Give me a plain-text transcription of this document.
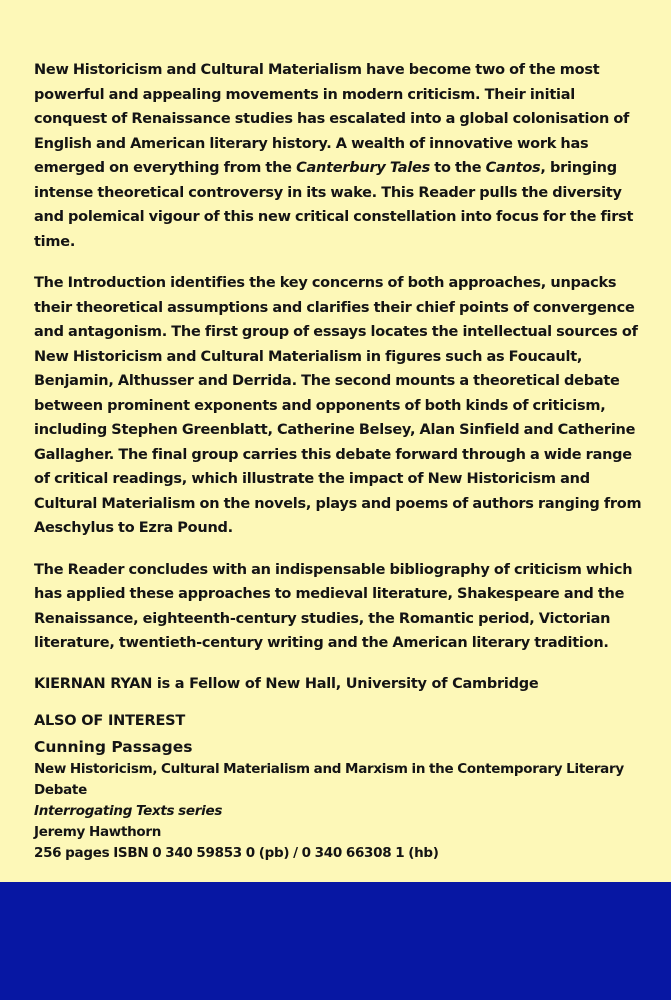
New Historicism and Cultural Materialism have become two of the most powerful and appealing movements in modern criticism. Their initial conquest of Renaissance studies has escalated into a global colonisation of English and American literary history. A wealth of innovative work has emerged on everything from the Canterbury Tales to the Cantos, bringing intense theoretical controversy in its wake. This Reader pulls the diversity and polemical vigour of this new critical constellation into focus for the first time.

The Introduction identifies the key concerns of both approaches, unpacks their theoretical assumptions and clarifies their chief points of convergence and antagonism. The first group of essays locates the intellectual sources of New Historicism and Cultural Materialism in figures such as Foucault, Benjamin, Althusser and Derrida. The second mounts a theoretical debate between prominent exponents and opponents of both kinds of criticism, including Stephen Greenblatt, Catherine Belsey, Alan Sinfield and Catherine Gallagher. The final group carries this debate forward through a wide range of critical readings, which illustrate the impact of New Historicism and Cultural Materialism on the novels, plays and poems of authors ranging from Aeschylus to Ezra Pound.

The Reader concludes with an indispensable bibliography of criticism which has applied these approaches to medieval literature, Shakespeare and the Renaissance, eighteenth-century studies, the Romantic period, Victorian literature, twentieth-century writing and the American literary tradition.

KIERNAN RYAN is a Fellow of New Hall, University of Cambridge

ALSO OF INTEREST

Cunning Passages

New Historicism, Cultural Materialism and Marxism in the Contemporary Literary Debate

Interrogating Texts series

Jeremy Hawthorn

256 pages ISBN 0 340 59853 0 (pb) / 0 340 66308 1 (hb)
